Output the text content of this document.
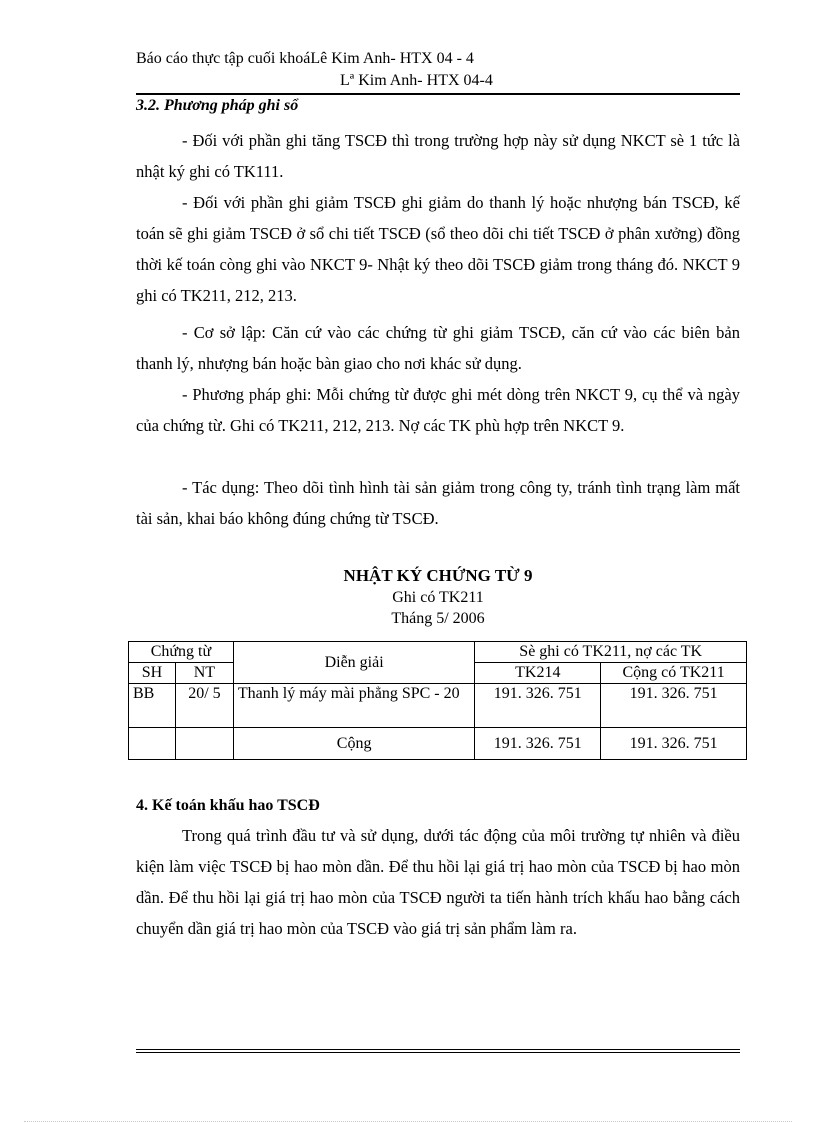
Báo cáo thực tập cuối khoáLê Kim Anh- HTX 04 - 4
Lª Kim Anh- HTX 04-4
3.2. Phương pháp ghi sổ

- Đối với phần ghi tăng TSCĐ thì trong trường hợp này sử dụng NKCT sè 1 tức là nhật ký ghi có TK111.

- Đối với phần ghi giảm TSCĐ ghi giảm do thanh lý hoặc nhượng bán TSCĐ, kế toán sẽ ghi giảm TSCĐ ở sổ chi tiết TSCĐ (sổ theo dõi chi tiết TSCĐ ở phân xưởng) đồng thời kế toán còng ghi vào NKCT 9- Nhật ký theo dõi TSCĐ giảm trong tháng đó. NKCT 9 ghi có TK211, 212, 213.

- Cơ sở lập: Căn cứ vào các chứng từ ghi giảm TSCĐ, căn cứ vào các biên bản thanh lý, nhượng bán hoặc bàn giao cho nơi khác sử dụng.

- Phương pháp ghi: Mỗi chứng từ được ghi mét dòng trên NKCT 9, cụ thể và ngày của chứng từ. Ghi có TK211, 212, 213. Nợ các TK phù hợp trên NKCT 9.

- Tác dụng: Theo dõi tình hình tài sản giảm trong công ty, tránh tình trạng làm mất tài sản, khai báo không đúng chứng từ TSCĐ.

NHẬT KÝ CHỨNG TỪ 9
Ghi có TK211
Tháng 5/ 2006
Chứng từ		Diễn giải	Sè ghi có TK211, nợ các TK	
SH	NT		TK214	Cộng có TK211
BB	20/ 5	Thanh lý máy mài phẳng SPC - 20	191. 326. 751	191. 326. 751
		Cộng	191. 326. 751	191. 326. 751
4. Kế toán khấu hao TSCĐ

Trong quá trình đầu tư và sử dụng, dưới tác động của môi trường tự nhiên và điều kiện làm việc TSCĐ bị hao mòn dần. Để thu hồi lại giá trị hao mòn của TSCĐ bị hao mòn dần. Để thu hồi lại giá trị hao mòn của TSCĐ người ta tiến hành trích khấu hao bằng cách chuyển dần giá trị hao mòn của TSCĐ vào giá trị sản phẩm làm ra.
